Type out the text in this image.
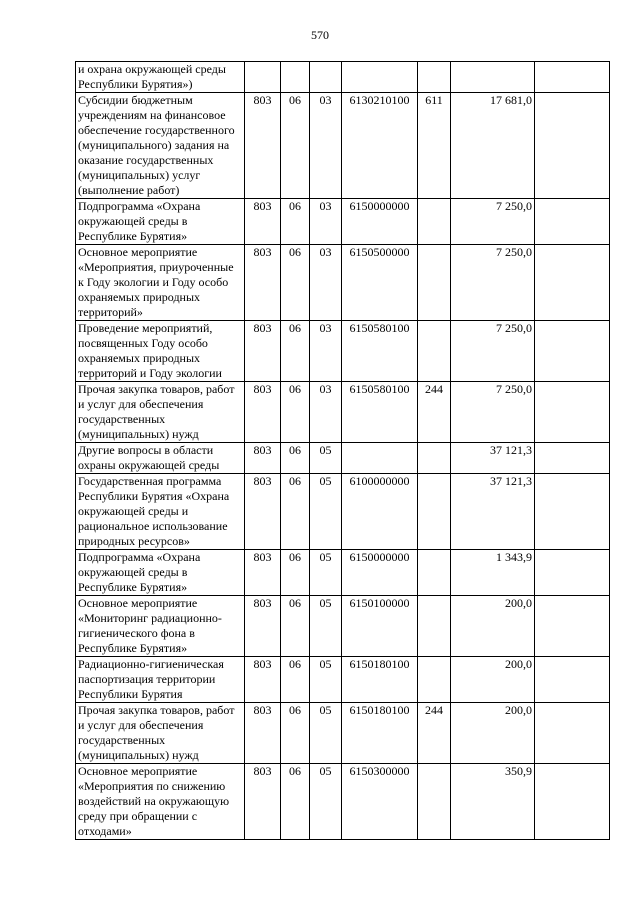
570
и охрана окружающей среды Республики Бурятия»)							
Субсидии бюджетным учреждениям на финансовое обеспечение государственного (муниципального) задания на оказание государственных (муниципальных) услуг (выполнение работ)	803	06	03	6130210100	611	17 681,0	
Подпрограмма «Охрана окружающей среды в Республике Бурятия»	803	06	03	6150000000		7 250,0	
Основное мероприятие «Мероприятия, приуроченные к Году экологии и Году особо охраняемых природных территорий»	803	06	03	6150500000		7 250,0	
Проведение мероприятий, посвященных Году особо охраняемых природных территорий и Году экологии	803	06	03	6150580100		7 250,0	
Прочая закупка товаров, работ и услуг для обеспечения государственных (муниципальных) нужд	803	06	03	6150580100	244	7 250,0	
Другие вопросы в области охраны окружающей среды	803	06	05			37 121,3	
Государственная программа Республики Бурятия «Охрана окружающей среды и рациональное использование природных ресурсов»	803	06	05	6100000000		37 121,3	
Подпрограмма «Охрана окружающей среды в Республике Бурятия»	803	06	05	6150000000		1 343,9	
Основное мероприятие «Мониторинг радиационно-гигиенического фона в Республике Бурятия»	803	06	05	6150100000		200,0	
Радиационно-гигиеническая паспортизация территории Республики Бурятия	803	06	05	6150180100		200,0	
Прочая закупка товаров, работ и услуг для обеспечения государственных (муниципальных) нужд	803	06	05	6150180100	244	200,0	
Основное мероприятие «Мероприятия по снижению воздействий на окружающую среду при обращении с отходами»	803	06	05	6150300000		350,9	
